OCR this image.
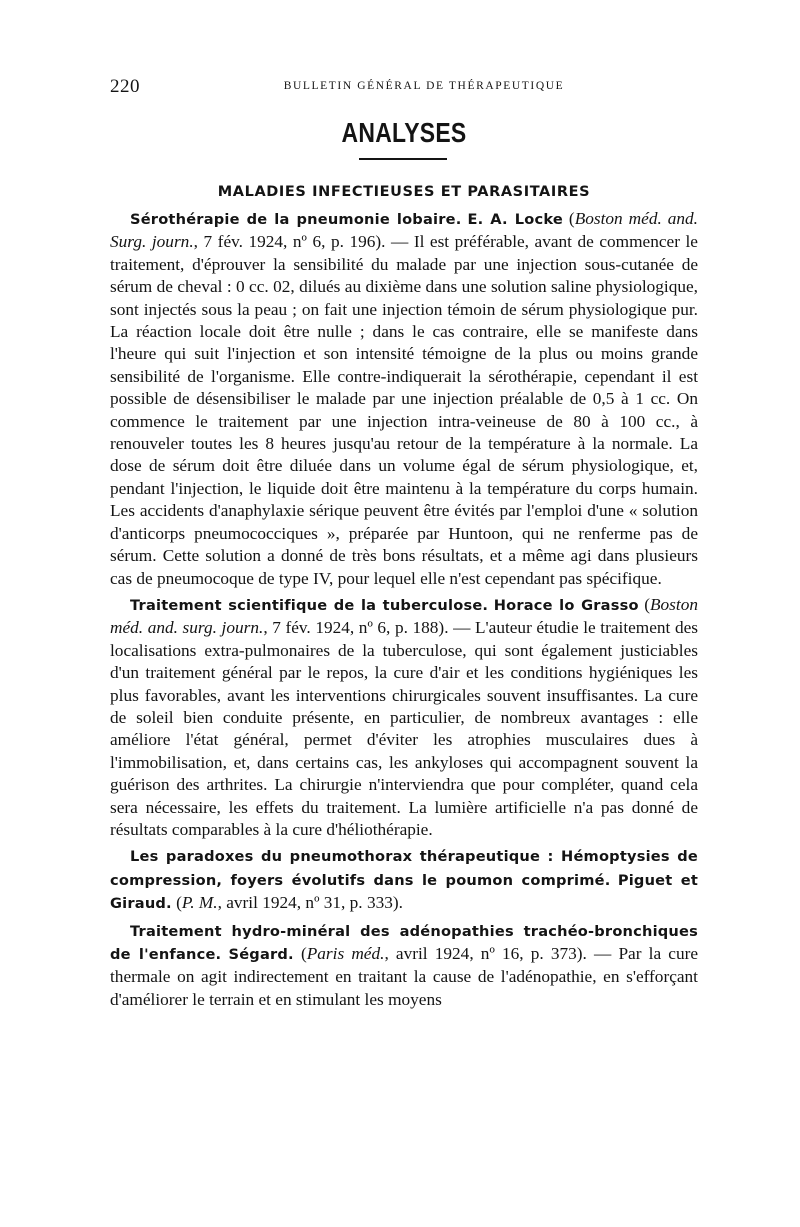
220	BULLETIN GÉNÉRAL DE THÉRAPEUTIQUE
ANALYSES
MALADIES INFECTIEUSES ET PARASITAIRES

Sérothérapie de la pneumonie lobaire. E. A. Locke (Boston méd. and. Surg. journ., 7 fév. 1924, nº 6, p. 196). — Il est préférable, avant de commencer le traitement, d'éprouver la sensibilité du malade par une injection sous-cutanée de sérum de cheval : 0 cc. 02, dilués au dixième dans une solution saline physiologique, sont injectés sous la peau ; on fait une injection témoin de sérum physiologique pur. La réaction locale doit être nulle ; dans le cas contraire, elle se manifeste dans l'heure qui suit l'injection et son intensité témoigne de la plus ou moins grande sensibilité de l'organisme. Elle contre-indiquerait la sérothérapie, cependant il est possible de désensibiliser le malade par une injection préalable de 0,5 à 1 cc. On commence le traitement par une injection intra-veineuse de 80 à 100 cc., à renouveler toutes les 8 heures jusqu'au retour de la température à la normale. La dose de sérum doit être diluée dans un volume égal de sérum physiologique, et, pendant l'injection, le liquide doit être maintenu à la température du corps humain. Les accidents d'anaphylaxie sérique peuvent être évités par l'emploi d'une « solution d'anticorps pneumococciques », préparée par Huntoon, qui ne renferme pas de sérum. Cette solution a donné de très bons résultats, et a même agi dans plusieurs cas de pneumocoque de type IV, pour lequel elle n'est cependant pas spécifique.

Traitement scientifique de la tuberculose. Horace lo Grasso (Boston méd. and. surg. journ., 7 fév. 1924, nº 6, p. 188). — L'auteur étudie le traitement des localisations extra-pulmonaires de la tuberculose, qui sont également justiciables d'un traitement général par le repos, la cure d'air et les conditions hygiéniques les plus favorables, avant les interventions chirurgicales souvent insuffisantes. La cure de soleil bien conduite présente, en particulier, de nombreux avantages : elle améliore l'état général, permet d'éviter les atrophies musculaires dues à l'immobilisation, et, dans certains cas, les ankyloses qui accompagnent souvent la guérison des arthrites. La chirurgie n'interviendra que pour compléter, quand cela sera nécessaire, les effets du traitement. La lumière artificielle n'a pas donné de résultats comparables à la cure d'héliothérapie.

Les paradoxes du pneumothorax thérapeutique : Hémoptysies de compression, foyers évolutifs dans le poumon comprimé. Piguet et Giraud. (P. M., avril 1924, nº 31, p. 333).

Traitement hydro-minéral des adénopathies trachéo-bronchiques de l'enfance. Ségard. (Paris méd., avril 1924, nº 16, p. 373). — Par la cure thermale on agit indirectement en traitant la cause de l'adénopathie, en s'efforçant d'améliorer le terrain et en stimulant les moyens
